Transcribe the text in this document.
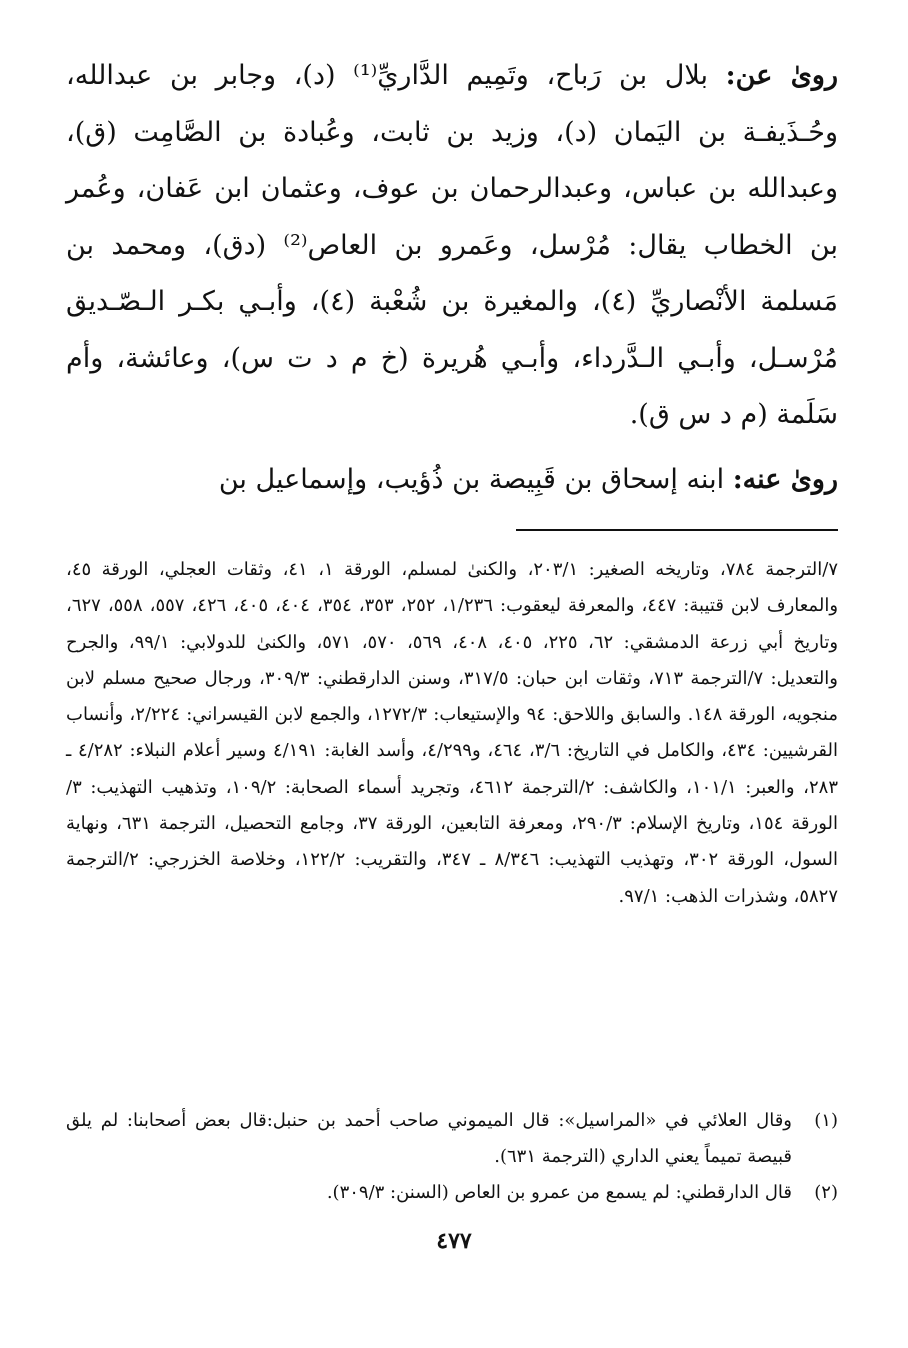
روىٰ عن: بلال بن رَباح، وتَمِيم الدَّاريِّ⁽¹⁾ (د)، وجابر بن عبدالله، وحُـذَيفـة بن اليَمان (د)، وزيد بن ثابت، وعُبادة بن الصَّامِت (ق)، وعبدالله بن عباس، وعبدالرحمان بن عوف، وعثمان ابن عَفان، وعُمر بن الخطاب يقال: مُرْسل، وعَمرو بن العاص⁽²⁾ (دق)، ومحمد بن مَسلمة الأنْصاريِّ (٤)، والمغيرة بن شُعْبة (٤)، وأبـي بكـر الـصّـديق مُرْسـل، وأبـي الـدَّرداء، وأبـي هُريرة (خ م د ت س)، وعائشة، وأم سَلَمة (م د س ق).

روىٰ عنه: ابنه إسحاق بن قَبِيصة بن ذُؤيب، وإسماعيل بن

٧/الترجمة ٧٨٤، وتاريخه الصغير: ٢٠٣/١، والكنىٰ لمسلم، الورقة ١، ٤١، وثقات العجلي، الورقة ٤٥، والمعارف لابن قتيبة: ٤٤٧، والمعرفة ليعقوب: ١/٢٣٦، ٢٥٢، ٣٥٣، ٣٥٤، ٤٠٤، ٤٠٥، ٤٢٦، ٥٥٧، ٥٥٨، ٦٢٧، وتاريخ أبي زرعة الدمشقي: ٦٢، ٢٢٥، ٤٠٥، ٤٠٨، ٥٦٩، ٥٧٠، ٥٧١، والكنىٰ للدولابي: ٩٩/١، والجرح والتعديل: ٧/الترجمة ٧١٣، وثقات ابن حبان: ٣١٧/٥، وسنن الدارقطني: ٣٠٩/٣، ورجال صحيح مسلم لابن منجويه، الورقة ١٤٨. والسابق واللاحق: ٩٤ والإستيعاب: ١٢٧٢/٣، والجمع لابن القيسراني: ٢/٢٢٤، وأنساب القرشيين: ٤٣٤، والكامل في التاريخ: ٣/٦، ٤٦٤، و٤/٢٩٩، وأسد الغابة: ٤/١٩١ وسير أعلام النبلاء: ٤/٢٨٢ ـ ٢٨٣، والعبر: ١٠١/١، والكاشف: ٢/الترجمة ٤٦١٢، وتجريد أسماء الصحابة: ١٠٩/٢، وتذهيب التهذيب: ٣/الورقة ١٥٤، وتاريخ الإسلام: ٢٩٠/٣، ومعرفة التابعين، الورقة ٣٧، وجامع التحصيل، الترجمة ٦٣١، ونهاية السول، الورقة ٣٠٢، وتهذيب التهذيب: ٨/٣٤٦ ـ ٣٤٧، والتقريب: ١٢٢/٢، وخلاصة الخزرجي: ٢/الترجمة ٥٨٢٧، وشذرات الذهب: ٩٧/١.

(١)
وقال العلائي في «المراسيل»: قال الميموني صاحب أحمد بن حنبل:قال بعض أصحابنا: لم يلق قبيصة تميماً يعني الداري (الترجمة ٦٣١).
(٢)
قال الدارقطني: لم يسمع من عمرو بن العاص (السنن: ٣٠٩/٣).
٤٧٧
